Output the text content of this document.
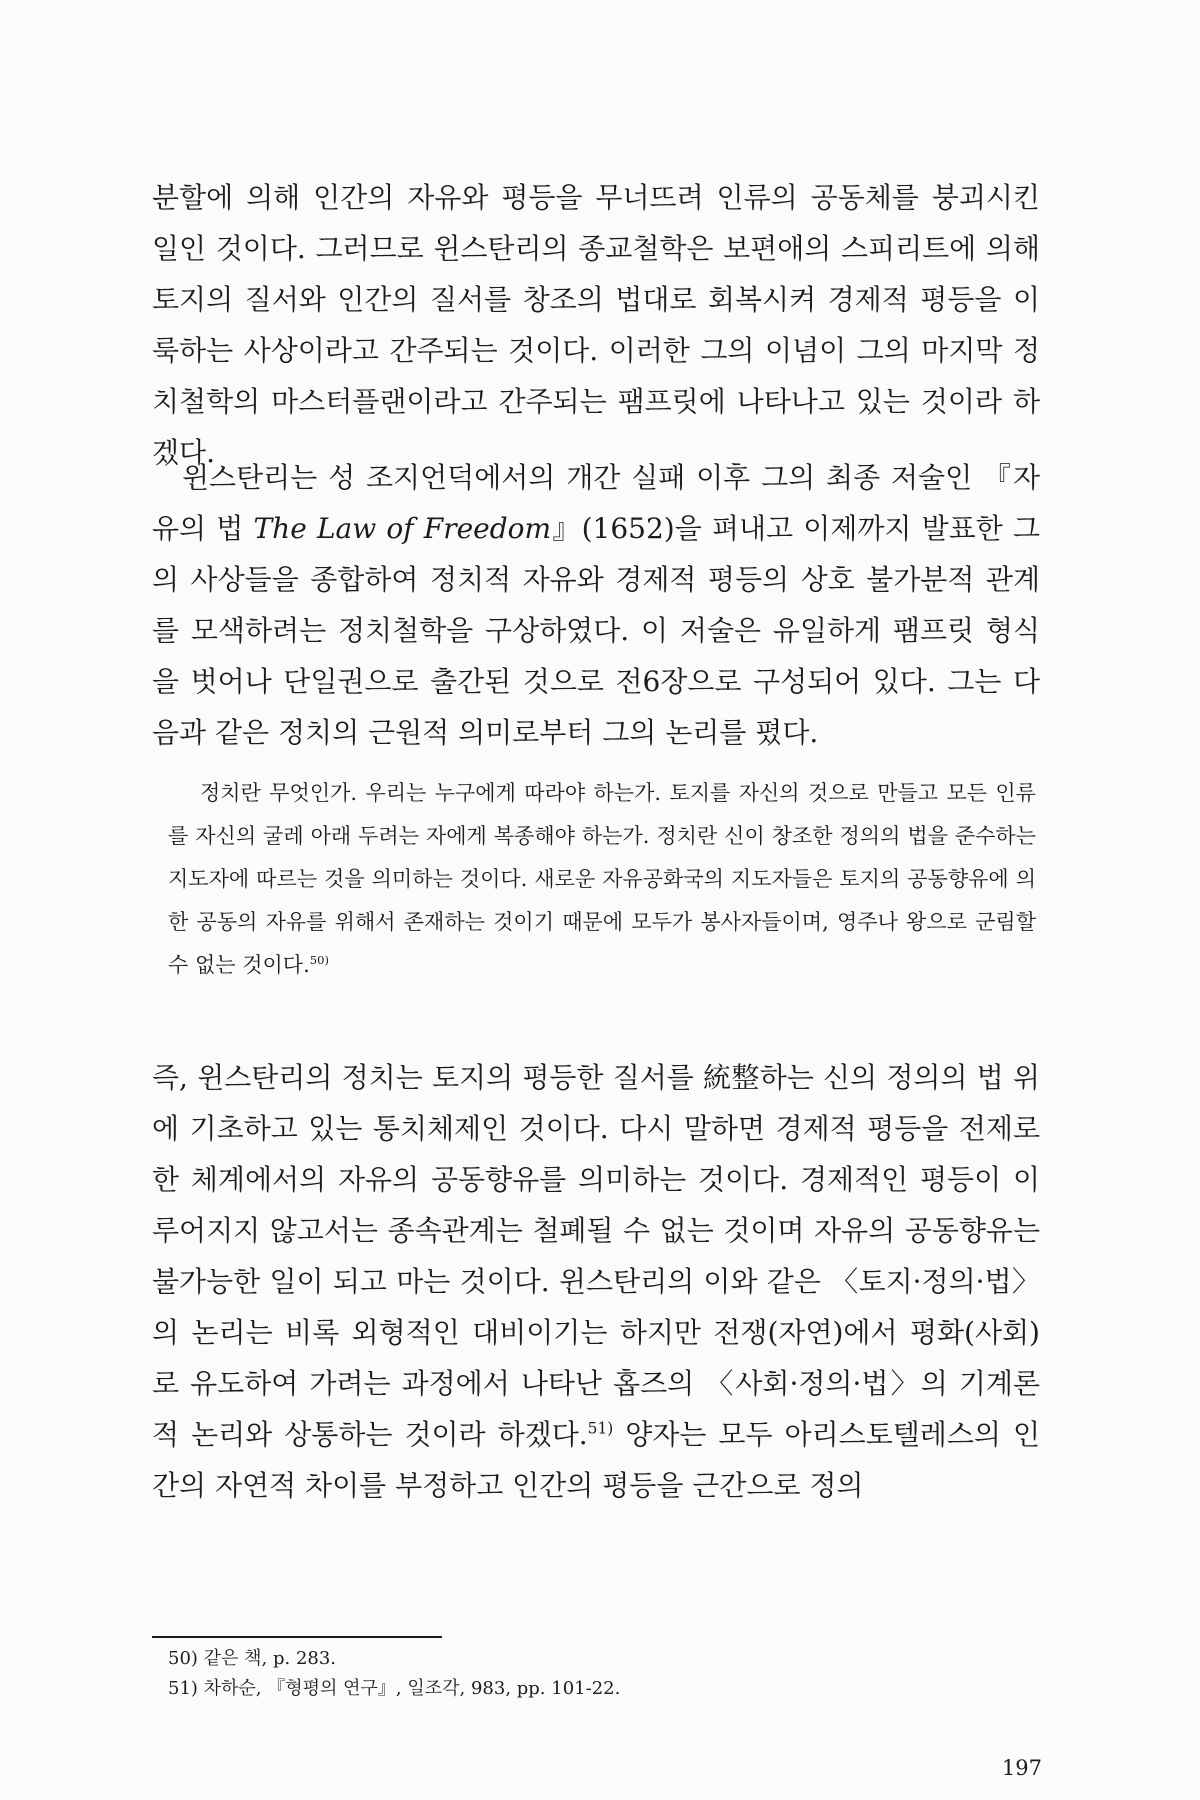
분할에 의해 인간의 자유와 평등을 무너뜨려 인류의 공동체를 붕괴시킨 일인 것이다. 그러므로 윈스탄리의 종교철학은 보편애의 스피리트에 의해 토지의 질서와 인간의 질서를 창조의 법대로 회복시켜 경제적 평등을 이룩하는 사상이라고 간주되는 것이다. 이러한 그의 이념이 그의 마지막 정치철학의 마스터플랜이라고 간주되는 팸프릿에 나타나고 있는 것이라 하겠다.

윈스탄리는 성 조지언덕에서의 개간 실패 이후 그의 최종 저술인 『자유의 법 The Law of Freedom』(1652)을 펴내고 이제까지 발표한 그의 사상들을 종합하여 정치적 자유와 경제적 평등의 상호 불가분적 관계를 모색하려는 정치철학을 구상하였다. 이 저술은 유일하게 팸프릿 형식을 벗어나 단일권으로 출간된 것으로 전6장으로 구성되어 있다. 그는 다음과 같은 정치의 근원적 의미로부터 그의 논리를 폈다.

정치란 무엇인가. 우리는 누구에게 따라야 하는가. 토지를 자신의 것으로 만들고 모든 인류를 자신의 굴레 아래 두려는 자에게 복종해야 하는가. 정치란 신이 창조한 정의의 법을 준수하는 지도자에 따르는 것을 의미하는 것이다. 새로운 자유공화국의 지도자들은 토지의 공동향유에 의한 공동의 자유를 위해서 존재하는 것이기 때문에 모두가 봉사자들이며, 영주나 왕으로 군림할 수 없는 것이다.$^{50)}$

즉, 윈스탄리의 정치는 토지의 평등한 질서를 統整하는 신의 정의의 법 위에 기초하고 있는 통치체제인 것이다. 다시 말하면 경제적 평등을 전제로 한 체계에서의 자유의 공동향유를 의미하는 것이다. 경제적인 평등이 이루어지지 않고서는 종속관계는 철폐될 수 없는 것이며 자유의 공동향유는 불가능한 일이 되고 마는 것이다. 윈스탄리의 이와 같은 〈토지·정의·법〉의 논리는 비록 외형적인 대비이기는 하지만 전쟁(자연)에서 평화(사회)로 유도하여 가려는 과정에서 나타난 홉즈의 〈사회·정의·법〉의 기계론적 논리와 상통하는 것이라 하겠다.$^{51)}$ 양자는 모두 아리스토텔레스의 인간의 자연적 차이를 부정하고 인간의 평등을 근간으로 정의

50) 같은 책, p. 283.
51) 차하순, 『형평의 연구』, 일조각, 983, pp. 101-22.
197
